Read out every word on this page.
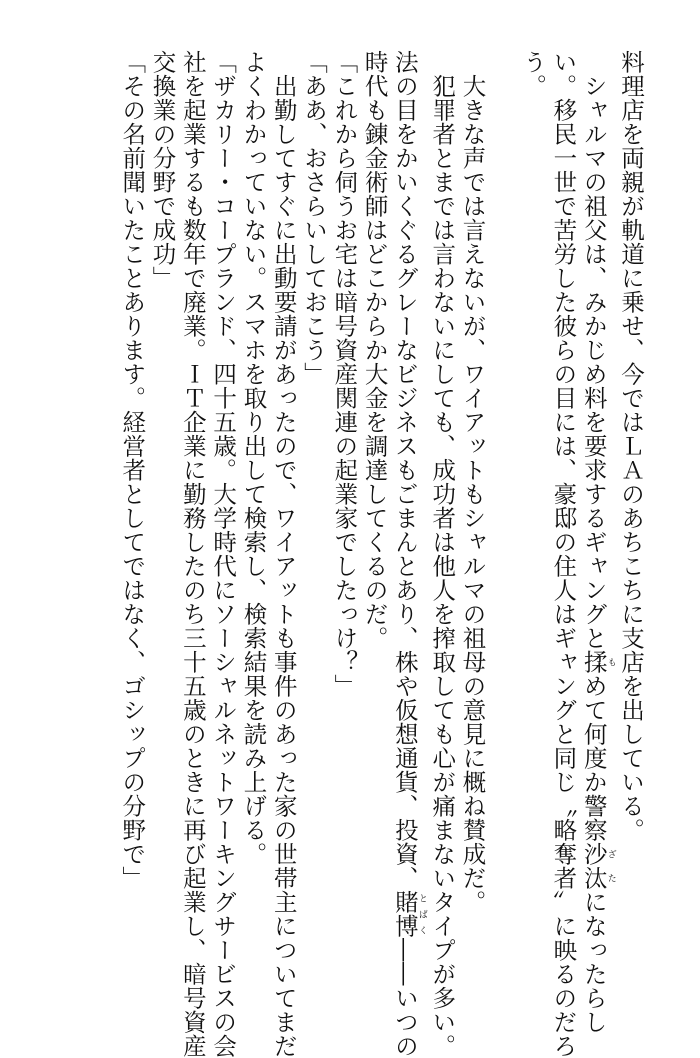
料理店を両親が軌道に乗せ、今ではＬＡのあちこちに支店を出している。
シャルマの祖父は、みかじめ料を要求するギャングと揉もめて何度か警察沙汰ざたになったらし
い。移民一世で苦労した彼らの目には、豪邸の住人はギャングと同じ〝略奪者〟に映るのだろ
う。
大きな声では言えないが、ワイアットもシャルマの祖母の意見に概ね賛成だ。
犯罪者とまでは言わないにしても、成功者は他人を搾取しても心が痛まないタイプが多い。
法の目をかいくぐるグレーなビジネスもごまんとあり、株や仮想通貨、投資、賭博とばく――いつの
時代も錬金術師はどこからか大金を調達してくるのだ。
「これから伺うお宅は暗号資産関連の起業家でしたっけ？」
「ああ、おさらいしておこう」
出勤してすぐに出動要請があったので、ワイアットも事件のあった家の世帯主についてまだ
よくわかっていない。スマホを取り出して検索し、検索結果を読み上げる。
「ザカリー・コープランド、四十五歳。大学時代にソーシャルネットワーキングサービスの会
社を起業するも数年で廃業。ＩＴ企業に勤務したのち三十五歳のときに再び起業し、暗号資産
交換業の分野で成功」
「その名前聞いたことあります。経営者としてではなく、ゴシップの分野で」
